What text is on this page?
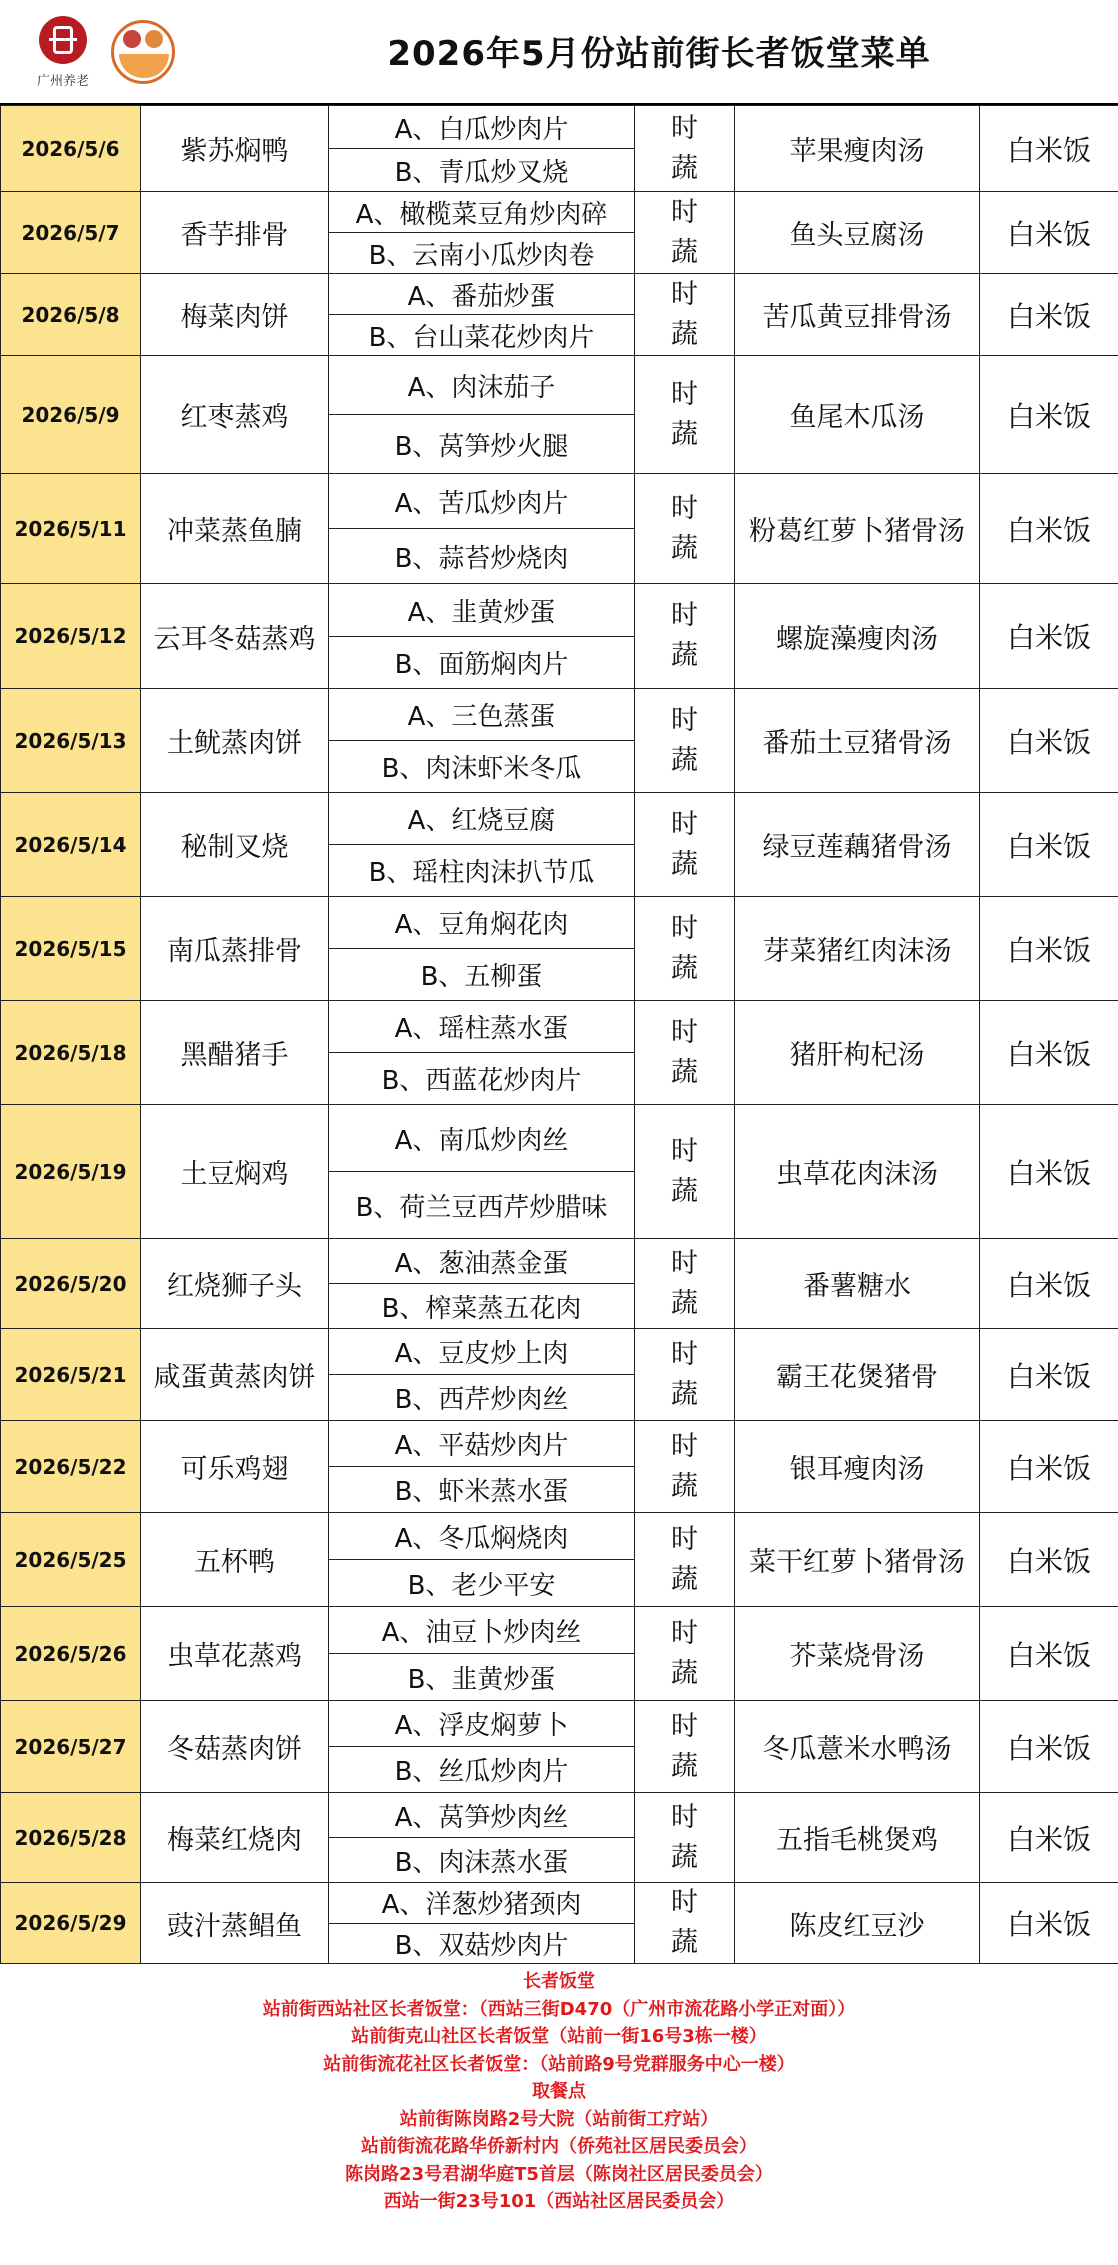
广州养老
2026年5月份站前街长者饭堂菜单
2026/5/6	紫苏焖鸭	A、白瓜炒肉片	时蔬	苹果瘦肉汤	白米饭
		B、青瓜炒叉烧			
2026/5/7	香芋排骨	A、橄榄菜豆角炒肉碎	时蔬	鱼头豆腐汤	白米饭
		B、云南小瓜炒肉卷			
2026/5/8	梅菜肉饼	A、番茄炒蛋	时蔬	苦瓜黄豆排骨汤	白米饭
		B、台山菜花炒肉片			
2026/5/9	红枣蒸鸡	A、肉沫茄子	时蔬	鱼尾木瓜汤	白米饭
		B、莴笋炒火腿			
2026/5/11	冲菜蒸鱼腩	A、苦瓜炒肉片	时蔬	粉葛红萝卜猪骨汤	白米饭
		B、蒜苔炒烧肉			
2026/5/12	云耳冬菇蒸鸡	A、韭黄炒蛋	时蔬	螺旋藻瘦肉汤	白米饭
		B、面筋焖肉片			
2026/5/13	土鱿蒸肉饼	A、三色蒸蛋	时蔬	番茄土豆猪骨汤	白米饭
		B、肉沫虾米冬瓜			
2026/5/14	秘制叉烧	A、红烧豆腐	时蔬	绿豆莲藕猪骨汤	白米饭
		B、瑶柱肉沫扒节瓜			
2026/5/15	南瓜蒸排骨	A、豆角焖花肉	时蔬	芽菜猪红肉沫汤	白米饭
		B、五柳蛋			
2026/5/18	黑醋猪手	A、瑶柱蒸水蛋	时蔬	猪肝枸杞汤	白米饭
		B、西蓝花炒肉片			
2026/5/19	土豆焖鸡	A、南瓜炒肉丝	时蔬	虫草花肉沫汤	白米饭
		B、荷兰豆西芹炒腊味			
2026/5/20	红烧狮子头	A、葱油蒸金蛋	时蔬	番薯糖水	白米饭
		B、榨菜蒸五花肉			
2026/5/21	咸蛋黄蒸肉饼	A、豆皮炒上肉	时蔬	霸王花煲猪骨	白米饭
		B、西芹炒肉丝			
2026/5/22	可乐鸡翅	A、平菇炒肉片	时蔬	银耳瘦肉汤	白米饭
		B、虾米蒸水蛋			
2026/5/25	五杯鸭	A、冬瓜焖烧肉	时蔬	菜干红萝卜猪骨汤	白米饭
		B、老少平安			
2026/5/26	虫草花蒸鸡	A、油豆卜炒肉丝	时蔬	芥菜烧骨汤	白米饭
		B、韭黄炒蛋			
2026/5/27	冬菇蒸肉饼	A、浮皮焖萝卜	时蔬	冬瓜薏米水鸭汤	白米饭
		B、丝瓜炒肉片			
2026/5/28	梅菜红烧肉	A、莴笋炒肉丝	时蔬	五指毛桃煲鸡	白米饭
		B、肉沫蒸水蛋			
2026/5/29	豉汁蒸鲳鱼	A、洋葱炒猪颈肉	时蔬	陈皮红豆沙	白米饭
		B、双菇炒肉片			
长者饭堂
站前街西站社区长者饭堂：（西站三街D470（广州市流花路小学正对面））
站前街克山社区长者饭堂（站前一街16号3栋一楼）
站前街流花社区长者饭堂：（站前路9号党群服务中心一楼）
取餐点
站前街陈岗路2号大院（站前街工疗站）
站前街流花路华侨新村内（侨苑社区居民委员会）
陈岗路23号君湖华庭T5首层（陈岗社区居民委员会）
西站一街23号101（西站社区居民委员会）
